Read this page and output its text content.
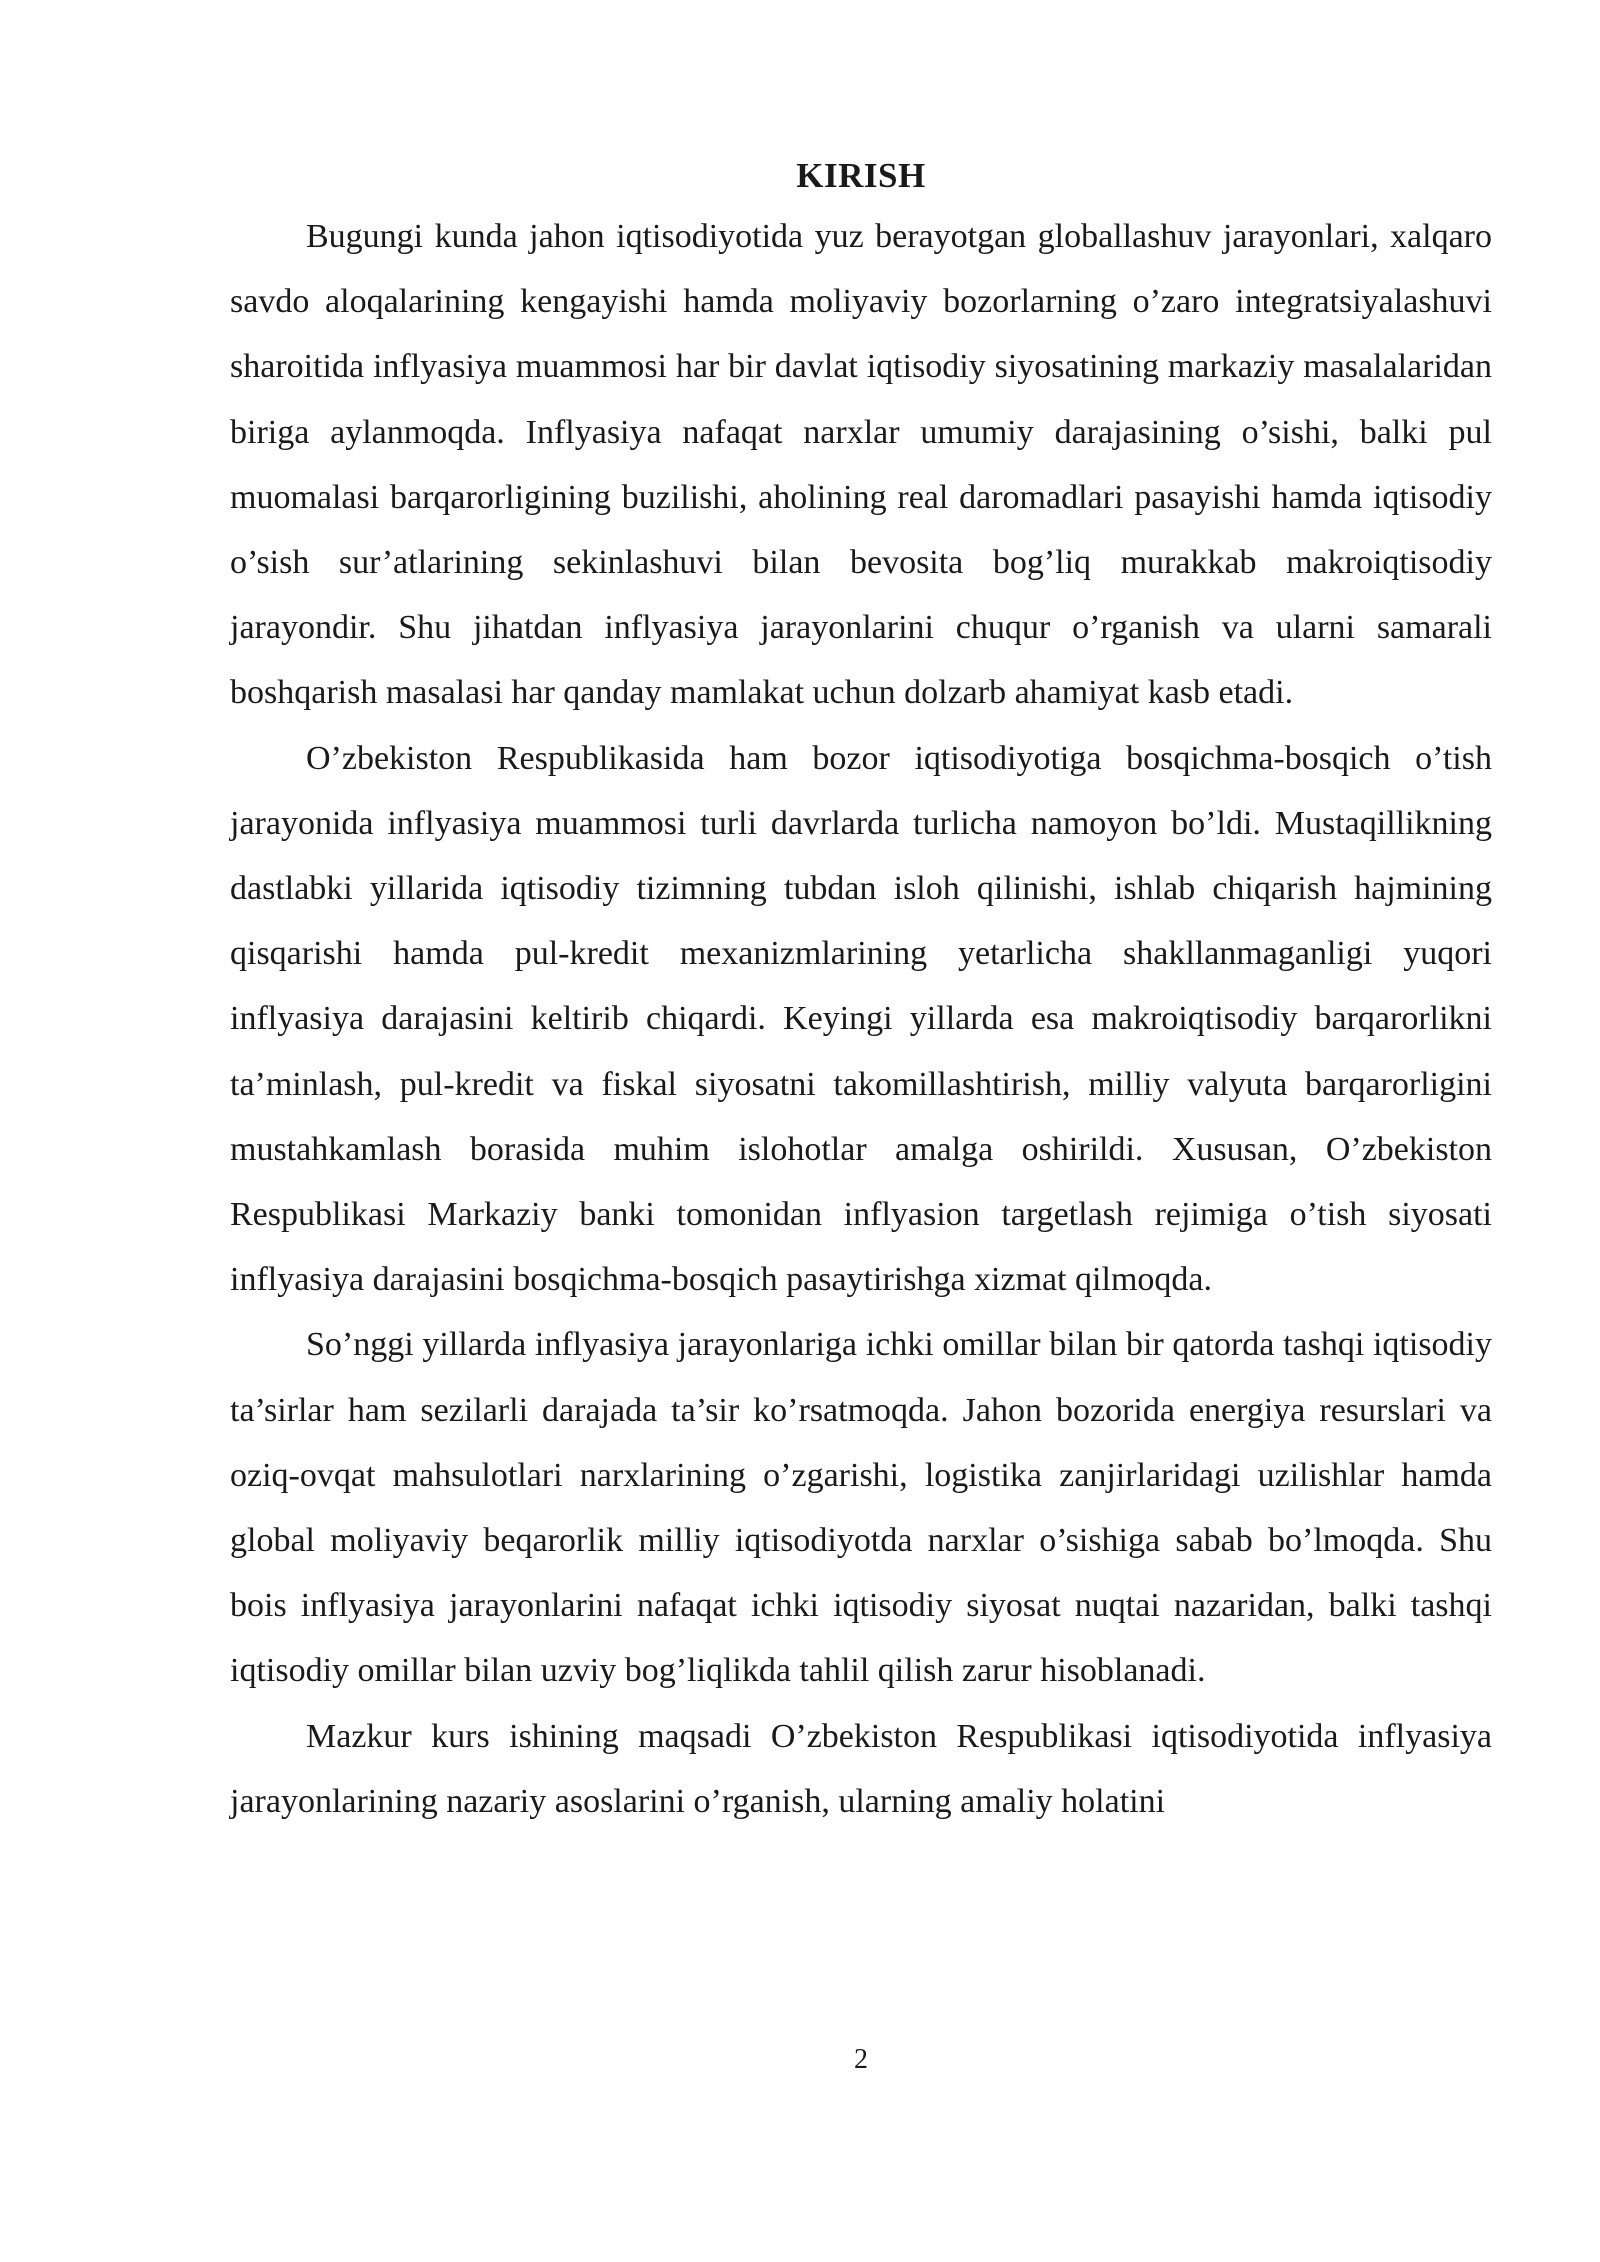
KIRISH

Bugungi kunda jahon iqtisodiyotida yuz berayotgan globallashuv jarayonlari, xalqaro savdo aloqalarining kengayishi hamda moliyaviy bozorlarning o’zaro integratsiyalashuvi sharoitida inflyasiya muammosi har bir davlat iqtisodiy siyosatining markaziy masalalaridan biriga aylanmoqda. Inflyasiya nafaqat narxlar umumiy darajasining o’sishi, balki pul muomalasi barqarorligining buzilishi, aholining real daromadlari pasayishi hamda iqtisodiy o’sish sur’atlarining sekinlashuvi bilan bevosita bog’liq murakkab makroiqtisodiy jarayondir. Shu jihatdan inflyasiya jarayonlarini chuqur o’rganish va ularni samarali boshqarish masalasi har qanday mamlakat uchun dolzarb ahamiyat kasb etadi.

O’zbekiston Respublikasida ham bozor iqtisodiyotiga bosqichma-bosqich o’tish jarayonida inflyasiya muammosi turli davrlarda turlicha namoyon bo’ldi. Mustaqillikning dastlabki yillarida iqtisodiy tizimning tubdan isloh qilinishi, ishlab chiqarish hajmining qisqarishi hamda pul-kredit mexanizmlarining yetarlicha shakllanmaganligi yuqori inflyasiya darajasini keltirib chiqardi. Keyingi yillarda esa makroiqtisodiy barqarorlikni ta’minlash, pul-kredit va fiskal siyosatni takomillashtirish, milliy valyuta barqarorligini mustahkamlash borasida muhim islohotlar amalga oshirildi. Xususan, O’zbekiston Respublikasi Markaziy banki tomonidan inflyasion targetlash rejimiga o’tish siyosati inflyasiya darajasini bosqichma-bosqich pasaytirishga xizmat qilmoqda.

So’nggi yillarda inflyasiya jarayonlariga ichki omillar bilan bir qatorda tashqi iqtisodiy ta’sirlar ham sezilarli darajada ta’sir ko’rsatmoqda. Jahon bozorida energiya resurslari va oziq-ovqat mahsulotlari narxlarining o’zgarishi, logistika zanjirlaridagi uzilishlar hamda global moliyaviy beqarorlik milliy iqtisodiyotda narxlar o’sishiga sabab bo’lmoqda. Shu bois inflyasiya jarayonlarini nafaqat ichki iqtisodiy siyosat nuqtai nazaridan, balki tashqi iqtisodiy omillar bilan uzviy bog’liqlikda tahlil qilish zarur hisoblanadi.

Mazkur kurs ishining maqsadi O’zbekiston Respublikasi iqtisodiyotida inflyasiya jarayonlarining nazariy asoslarini o’rganish, ularning amaliy holatini

2
